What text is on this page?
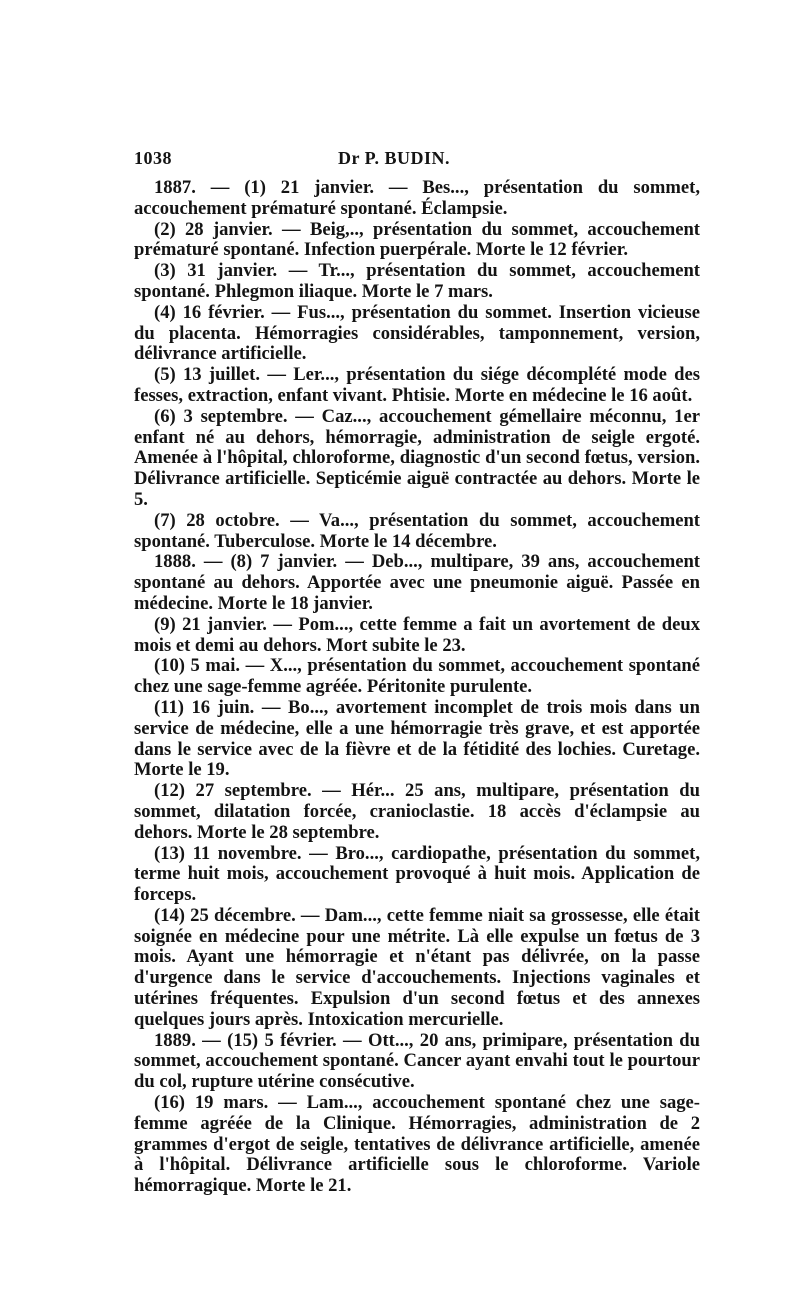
1038	Dr P. BUDIN.

1887. — (1) 21 janvier. — Bes..., présentation du sommet, accouchement prématuré spontané. Éclampsie.

(2) 28 janvier. — Beig,.., présentation du sommet, accouchement prématuré spontané. Infection puerpérale. Morte le 12 février.

(3) 31 janvier. — Tr..., présentation du sommet, accouchement spontané. Phlegmon iliaque. Morte le 7 mars.

(4) 16 février. — Fus..., présentation du sommet. Insertion vicieuse du placenta. Hémorragies considérables, tamponnement, version, délivrance artificielle.

(5) 13 juillet. — Ler..., présentation du siége décomplété mode des fesses, extraction, enfant vivant. Phtisie. Morte en médecine le 16 août.

(6) 3 septembre. — Caz..., accouchement gémellaire méconnu, 1er enfant né au dehors, hémorragie, administration de seigle ergoté. Amenée à l'hôpital, chloroforme, diagnostic d'un second fœtus, version. Délivrance artificielle. Septicémie aiguë contractée au dehors. Morte le 5.

(7) 28 octobre. — Va..., présentation du sommet, accouchement spontané. Tuberculose. Morte le 14 décembre.

1888. — (8) 7 janvier. — Deb..., multipare, 39 ans, accouchement spontané au dehors. Apportée avec une pneumonie aiguë. Passée en médecine. Morte le 18 janvier.

(9) 21 janvier. — Pom..., cette femme a fait un avortement de deux mois et demi au dehors. Mort subite le 23.

(10) 5 mai. — X..., présentation du sommet, accouchement spontané chez une sage-femme agréée. Péritonite purulente.

(11) 16 juin. — Bo..., avortement incomplet de trois mois dans un service de médecine, elle a une hémorragie très grave, et est apportée dans le service avec de la fièvre et de la fétidité des lochies. Curetage. Morte le 19.

(12) 27 septembre. — Hér... 25 ans, multipare, présentation du sommet, dilatation forcée, cranioclastie. 18 accès d'éclampsie au dehors. Morte le 28 septembre.

(13) 11 novembre. — Bro..., cardiopathe, présentation du sommet, terme huit mois, accouchement provoqué à huit mois. Application de forceps.

(14) 25 décembre. — Dam..., cette femme niait sa grossesse, elle était soignée en médecine pour une métrite. Là elle expulse un fœtus de 3 mois. Ayant une hémorragie et n'étant pas délivrée, on la passe d'urgence dans le service d'accouchements. Injections vaginales et utérines fréquentes. Expulsion d'un second fœtus et des annexes quelques jours après. Intoxication mercurielle.

1889. — (15) 5 février. — Ott..., 20 ans, primipare, présentation du sommet, accouchement spontané. Cancer ayant envahi tout le pourtour du col, rupture utérine consécutive.

(16) 19 mars. — Lam..., accouchement spontané chez une sage-femme agréée de la Clinique. Hémorragies, administration de 2 grammes d'ergot de seigle, tentatives de délivrance artificielle, amenée à l'hôpital. Délivrance artificielle sous le chloroforme. Variole hémorragique. Morte le 21.
